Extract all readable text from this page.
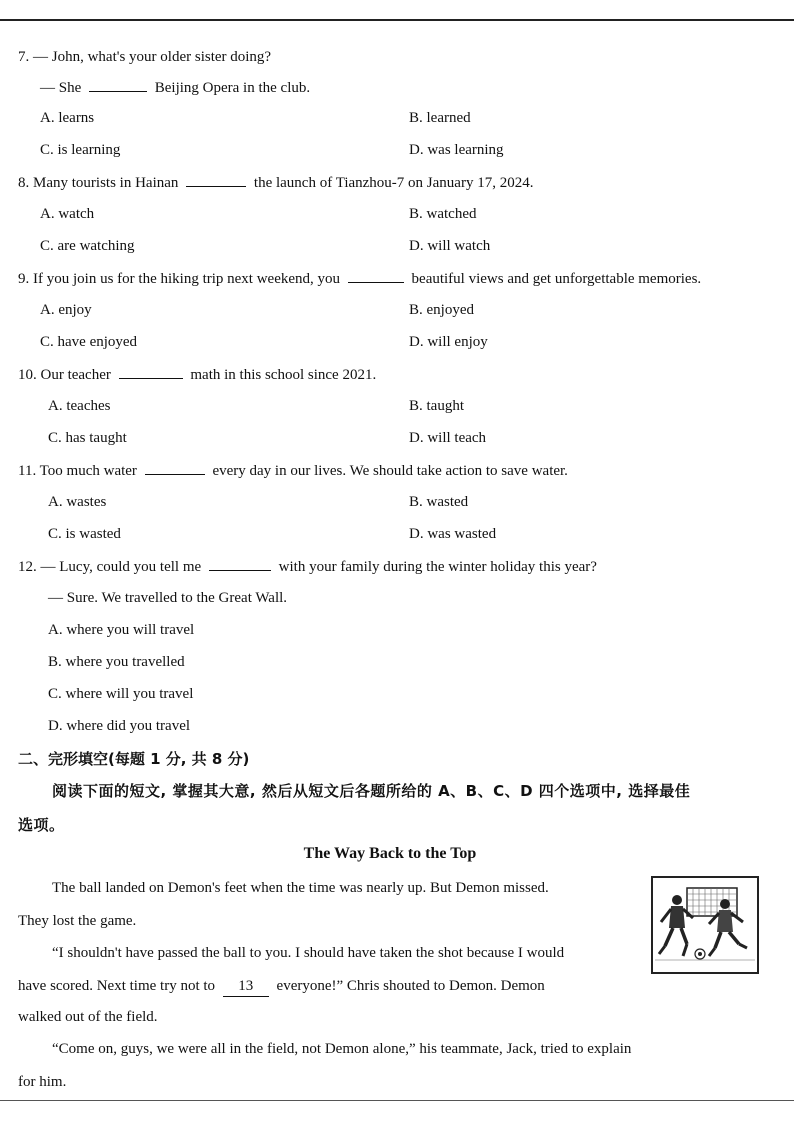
7. — John, what's your older sister doing?
— She	Beijing Opera in the club.
A. learns	B. learned
C. is learning	D. was learning
8. Many tourists in Hainan	the launch of Tianzhou-7 on January 17, 2024.
A. watch	B. watched
C. are watching	D. will watch
9. If you join us for the hiking trip next weekend, you	beautiful views and get unforgettable memories.
A. enjoy	B. enjoyed
C. have enjoyed	D. will enjoy
10. Our teacher	math in this school since 2021.
A. teaches	B. taught
C. has taught	D. will teach
11. Too much water	every day in our lives. We should take action to save water.
A. wastes	B. wasted
C. is wasted	D. was wasted
12. — Lucy, could you tell me	with your family during the winter holiday this year?
— Sure. We travelled to the Great Wall.
A. where you will travel
B. where you travelled
C. where will you travel
D. where did you travel
二、完形填空(每题 1 分, 共 8 分)
阅读下面的短文, 掌握其大意, 然后从短文后各题所给的 A、B、C、D 四个选项中, 选择最佳
选项。
The Way Back to the Top
The ball landed on Demon's feet when the time was nearly up. But Demon missed.
They lost the game.
“I shouldn't have passed the ball to you. I should have taken the shot because I would
have scored. Next time try not to 13 everyone!” Chris shouted to Demon. Demon
walked out of the field.
“Come on, guys, we were all in the field, not Demon alone,” his teammate, Jack, tried to explain
for him.
